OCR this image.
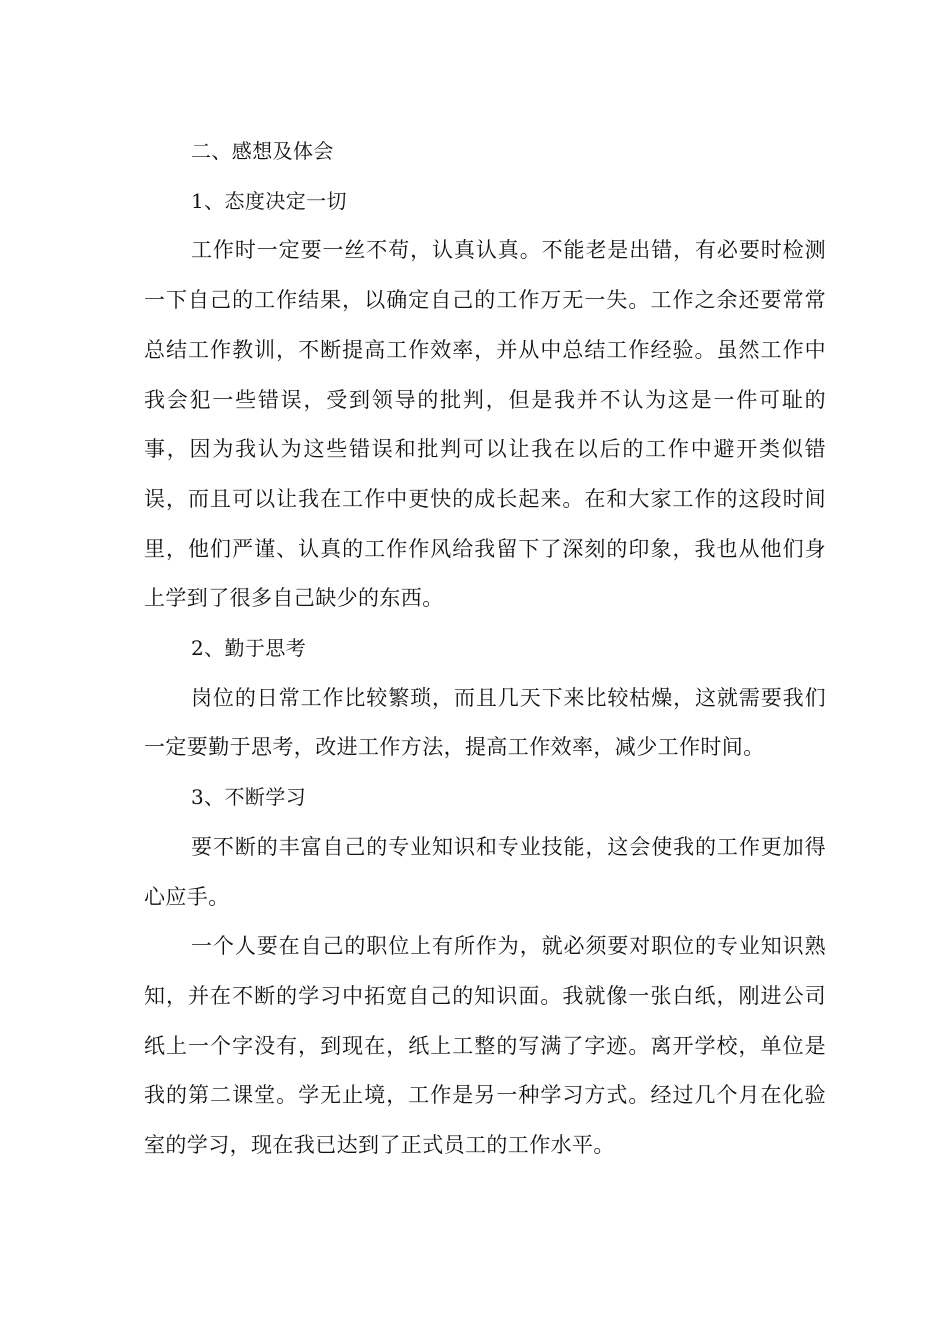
二、感想及体会

1、态度决定一切

工作时一定要一丝不苟，认真认真。不能老是出错，有必要时检测一下自己的工作结果，以确定自己的工作万无一失。工作之余还要常常总结工作教训，不断提高工作效率，并从中总结工作经验。虽然工作中我会犯一些错误，受到领导的批判，但是我并不认为这是一件可耻的事，因为我认为这些错误和批判可以让我在以后的工作中避开类似错误，而且可以让我在工作中更快的成长起来。在和大家工作的这段时间里，他们严谨、认真的工作作风给我留下了深刻的印象，我也从他们身上学到了很多自己缺少的东西。

2、勤于思考

岗位的日常工作比较繁琐，而且几天下来比较枯燥，这就需要我们一定要勤于思考，改进工作方法，提高工作效率，减少工作时间。

3、不断学习

要不断的丰富自己的专业知识和专业技能，这会使我的工作更加得心应手。

一个人要在自己的职位上有所作为，就必须要对职位的专业知识熟知，并在不断的学习中拓宽自己的知识面。我就像一张白纸，刚进公司纸上一个字没有，到现在，纸上工整的写满了字迹。离开学校，单位是我的第二课堂。学无止境，工作是另一种学习方式。经过几个月在化验室的学习，现在我已达到了正式员工的工作水平。
